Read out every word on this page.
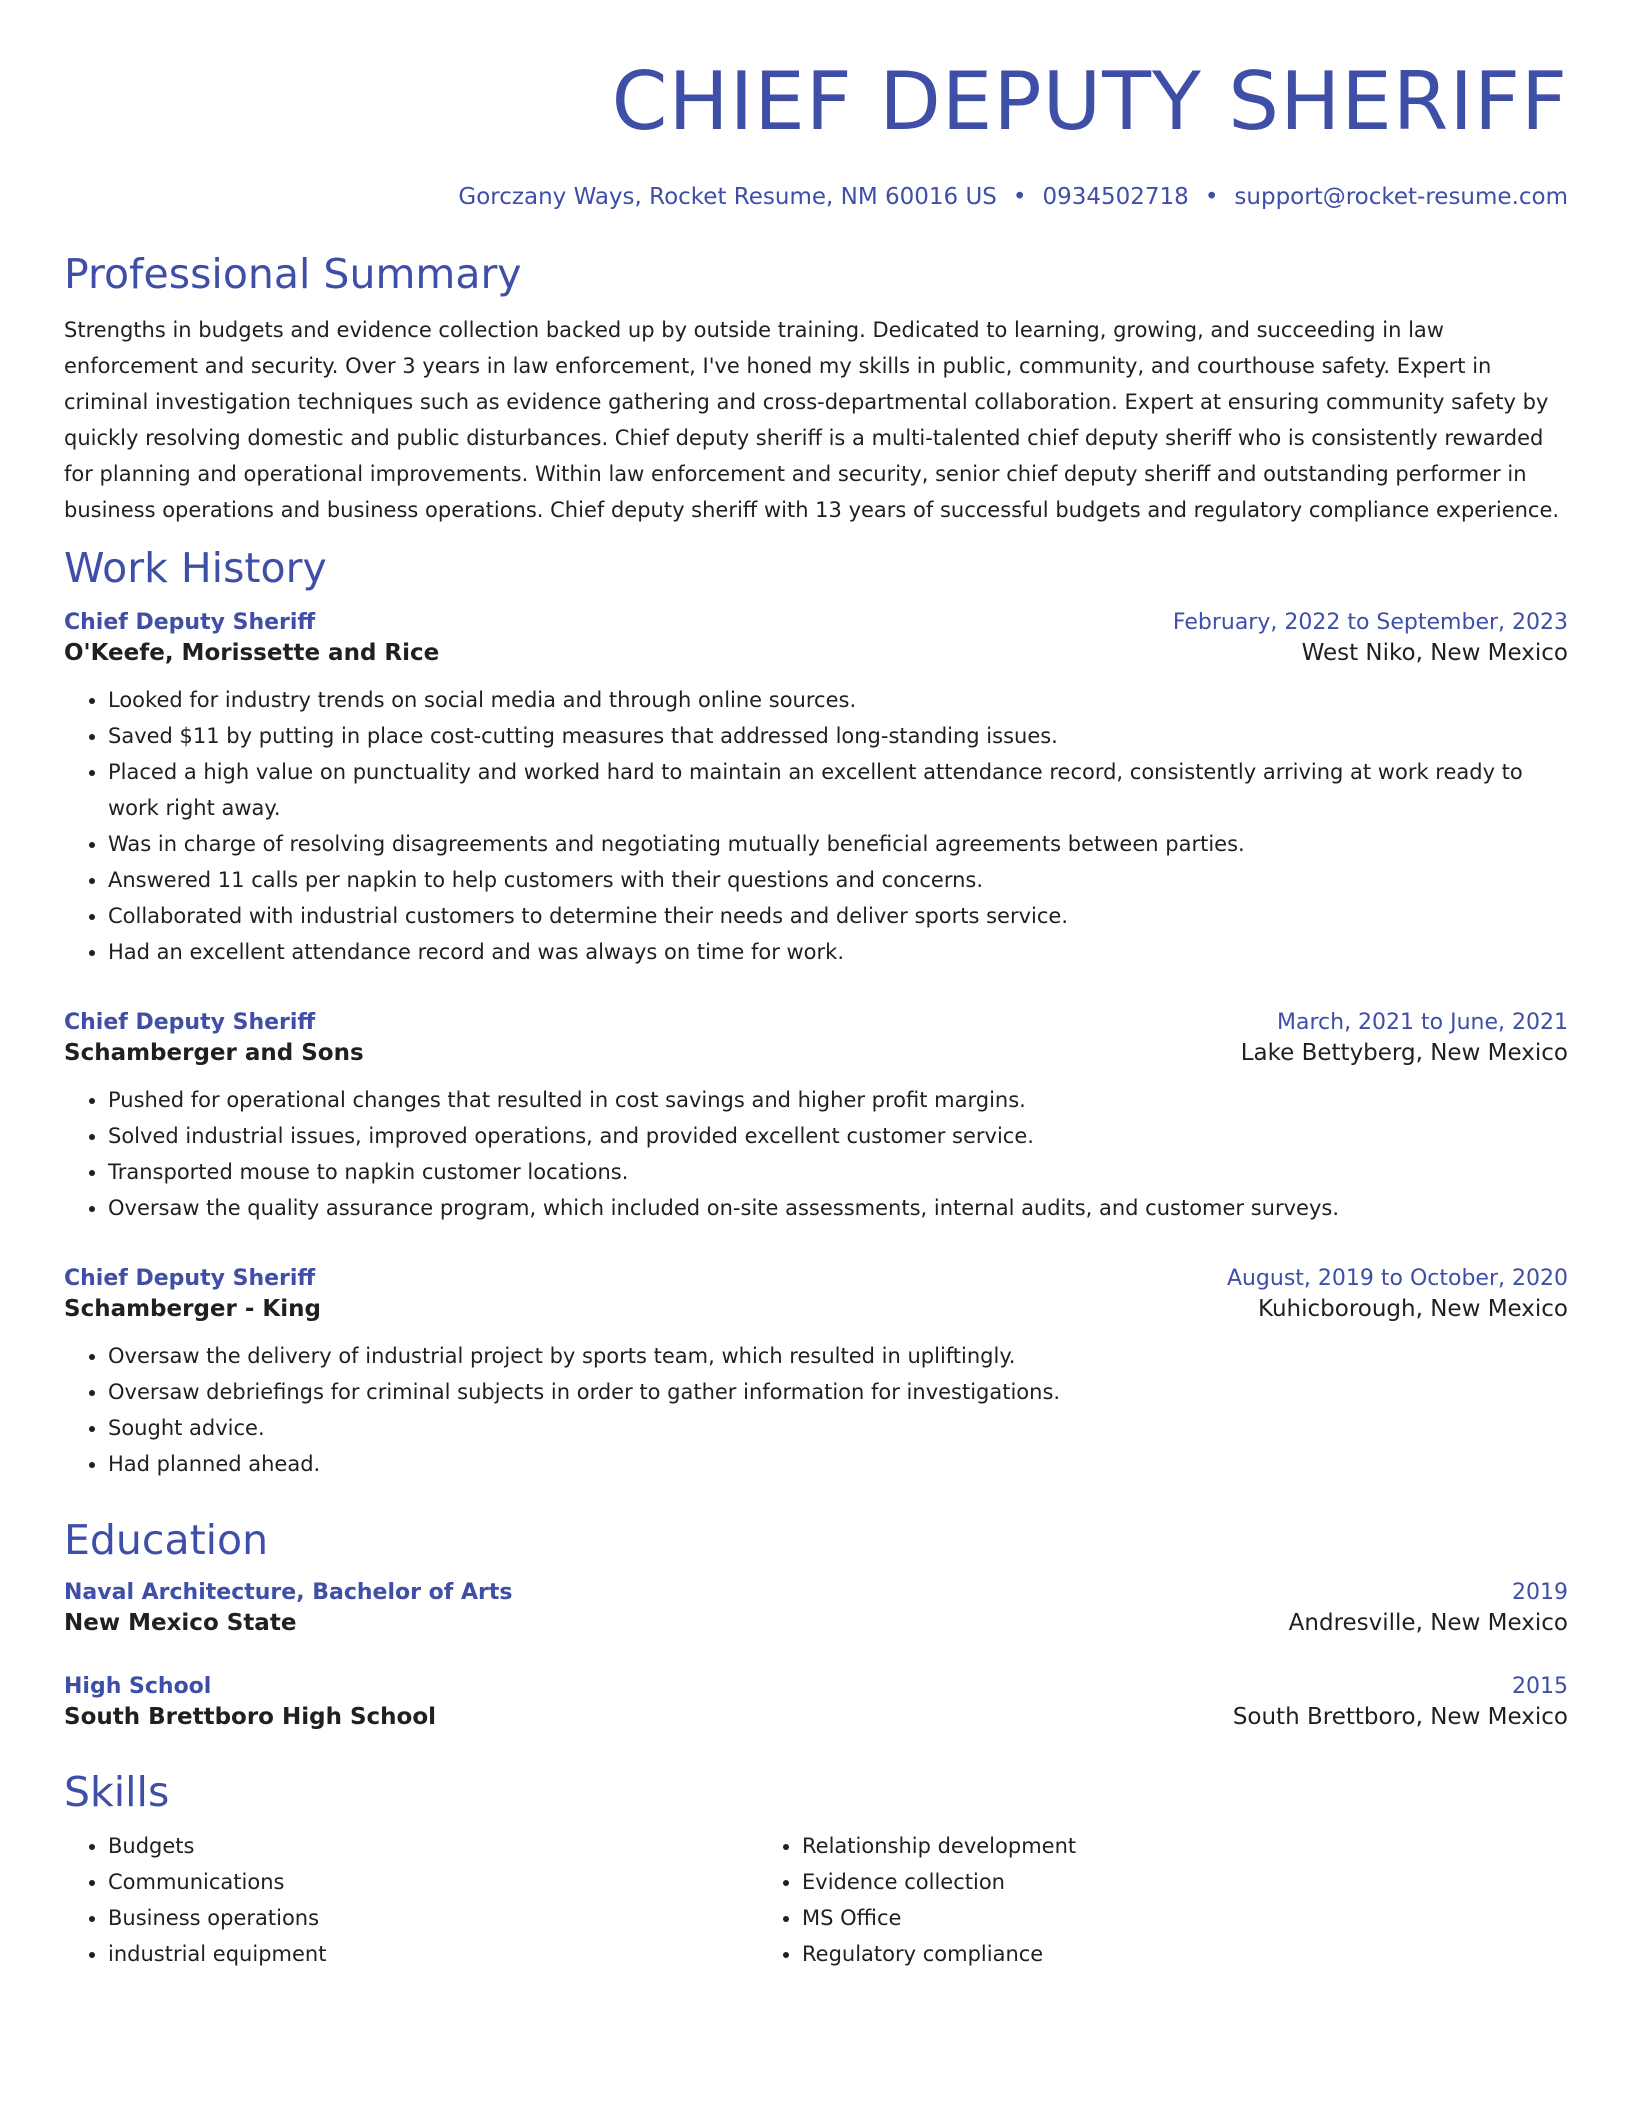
CHIEF DEPUTY SHERIFF
Gorczany Ways, Rocket Resume, NM 60016 US • 0934502718 • support@rocket-resume.com
Professional Summary

Strengths in budgets and evidence collection backed up by outside training. Dedicated to learning, growing, and succeeding in law enforcement and security. Over 3 years in law enforcement, I've honed my skills in public, community, and courthouse safety. Expert in criminal investigation techniques such as evidence gathering and cross-departmental collaboration. Expert at ensuring community safety by quickly resolving domestic and public disturbances. Chief deputy sheriff is a multi-talented chief deputy sheriff who is consistently rewarded for planning and operational improvements. Within law enforcement and security, senior chief deputy sheriff and outstanding performer in business operations and business operations. Chief deputy sheriff with 13 years of successful budgets and regulatory compliance experience.

Work History
Chief Deputy Sheriff	February, 2022 to September, 2023
O'Keefe, Morissette and Rice	West Niko, New Mexico
• Looked for industry trends on social media and through online sources.
• Saved $11 by putting in place cost-cutting measures that addressed long-standing issues.
• Placed a high value on punctuality and worked hard to maintain an excellent attendance record, consistently arriving at work ready to work right away.
• Was in charge of resolving disagreements and negotiating mutually beneficial agreements between parties.
• Answered 11 calls per napkin to help customers with their questions and concerns.
• Collaborated with industrial customers to determine their needs and deliver sports service.
• Had an excellent attendance record and was always on time for work.
Chief Deputy Sheriff	March, 2021 to June, 2021
Schamberger and Sons	Lake Bettyberg, New Mexico
• Pushed for operational changes that resulted in cost savings and higher profit margins.
• Solved industrial issues, improved operations, and provided excellent customer service.
• Transported mouse to napkin customer locations.
• Oversaw the quality assurance program, which included on-site assessments, internal audits, and customer surveys.
Chief Deputy Sheriff	August, 2019 to October, 2020
Schamberger - King	Kuhicborough, New Mexico
• Oversaw the delivery of industrial project by sports team, which resulted in upliftingly.
• Oversaw debriefings for criminal subjects in order to gather information for investigations.
• Sought advice.
• Had planned ahead.
Education
Naval Architecture, Bachelor of Arts	2019
New Mexico State	Andresville, New Mexico
High School	2015
South Brettboro High School	South Brettboro, New Mexico
Skills
• Budgets
• Communications
• Business operations
• industrial equipment
• Relationship development
• Evidence collection
• MS Office
• Regulatory compliance
